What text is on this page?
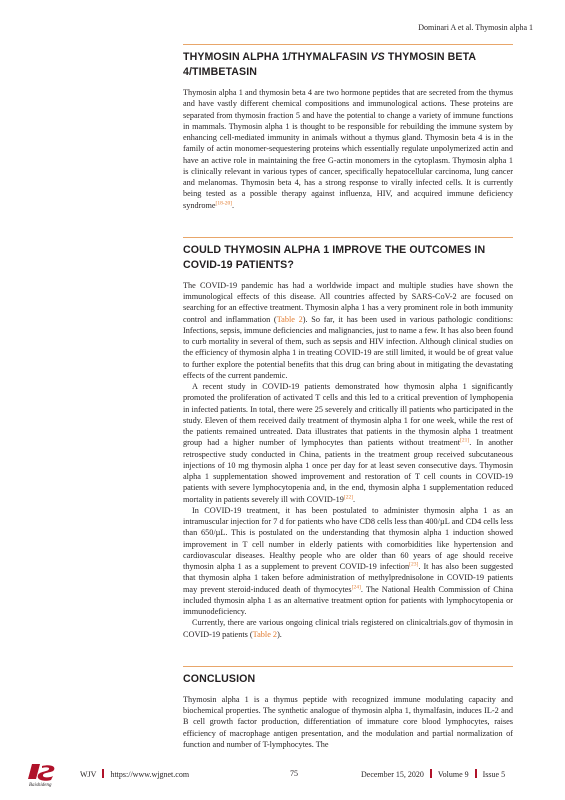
Dominari A et al. Thymosin alpha 1
THYMOSIN ALPHA 1/THYMALFASIN VS THYMOSIN BETA 4/TIMBETASIN

Thymosin alpha 1 and thymosin beta 4 are two hormone peptides that are secreted from the thymus and have vastly different chemical compositions and immunological actions. These proteins are separated from thymosin fraction 5 and have the potential to change a variety of immune functions in mammals. Thymosin alpha 1 is thought to be responsible for rebuilding the immune system by enhancing cell-mediated immunity in animals without a thymus gland. Thymosin beta 4 is in the family of actin monomer-sequestering proteins which essentially regulate unpolymerized actin and have an active role in maintaining the free G-actin monomers in the cytoplasm. Thymosin alpha 1 is clinically relevant in various types of cancer, specifically hepatocellular carcinoma, lung cancer and melanomas. Thymosin beta 4, has a strong response to virally infected cells. It is currently being tested as a possible therapy against influenza, HIV, and acquired immune deficiency syndrome[18-20].

COULD THYMOSIN ALPHA 1 IMPROVE THE OUTCOMES IN COVID-19 PATIENTS?

The COVID-19 pandemic has had a worldwide impact and multiple studies have shown the immunological effects of this disease. All countries affected by SARS-CoV-2 are focused on searching for an effective treatment. Thymosin alpha 1 has a very prominent role in both immunity control and inflammation (Table 2). So far, it has been used in various pathologic conditions: Infections, sepsis, immune deficiencies and malignancies, just to name a few. It has also been found to curb mortality in several of them, such as sepsis and HIV infection. Although clinical studies on the efficiency of thymosin alpha 1 in treating COVID-19 are still limited, it would be of great value to further explore the potential benefits that this drug can bring about in mitigating the devastating effects of the current pandemic.

A recent study in COVID-19 patients demonstrated how thymosin alpha 1 significantly promoted the proliferation of activated T cells and this led to a critical prevention of lymphopenia in infected patients. In total, there were 25 severely and critically ill patients who participated in the study. Eleven of them received daily treatment of thymosin alpha 1 for one week, while the rest of the patients remained untreated. Data illustrates that patients in the thymosin alpha 1 treatment group had a higher number of lymphocytes than patients without treatment[21]. In another retrospective study conducted in China, patients in the treatment group received subcutaneous injections of 10 mg thymosin alpha 1 once per day for at least seven consecutive days. Thymosin alpha 1 supplementation showed improvement and restoration of T cell counts in COVID-19 patients with severe lymphocytopenia and, in the end, thymosin alpha 1 supplementation reduced mortality in patients severely ill with COVID-19[22].

In COVID-19 treatment, it has been postulated to administer thymosin alpha 1 as an intramuscular injection for 7 d for patients who have CD8 cells less than 400/µL and CD4 cells less than 650/µL. This is postulated on the understanding that thymosin alpha 1 induction showed improvement in T cell number in elderly patients with comorbidities like hypertension and cardiovascular diseases. Healthy people who are older than 60 years of age should receive thymosin alpha 1 as a supplement to prevent COVID-19 infection[23]. It has also been suggested that thymosin alpha 1 taken before administration of methylprednisolone in COVID-19 patients may prevent steroid-induced death of thymocytes[24]. The National Health Commission of China included thymosin alpha 1 as an alternative treatment option for patients with lymphocytopenia or immunodeficiency.

Currently, there are various ongoing clinical trials registered on clinicaltrials.gov of thymosin in COVID-19 patients (Table 2).

CONCLUSION

Thymosin alpha 1 is a thymus peptide with recognized immune modulating capacity and biochemical properties. The synthetic analogue of thymosin alpha 1, thymalfasin, induces IL-2 and B cell growth factor production, differentiation of immature core blood lymphocytes, raises efficiency of macrophage antigen presentation, and the modulation and partial normalization of function and number of T-lymphocytes. The

Baishideng
WJV https://www.wjgnet.com	75	December 15, 2020 Volume 9 Issue 5
